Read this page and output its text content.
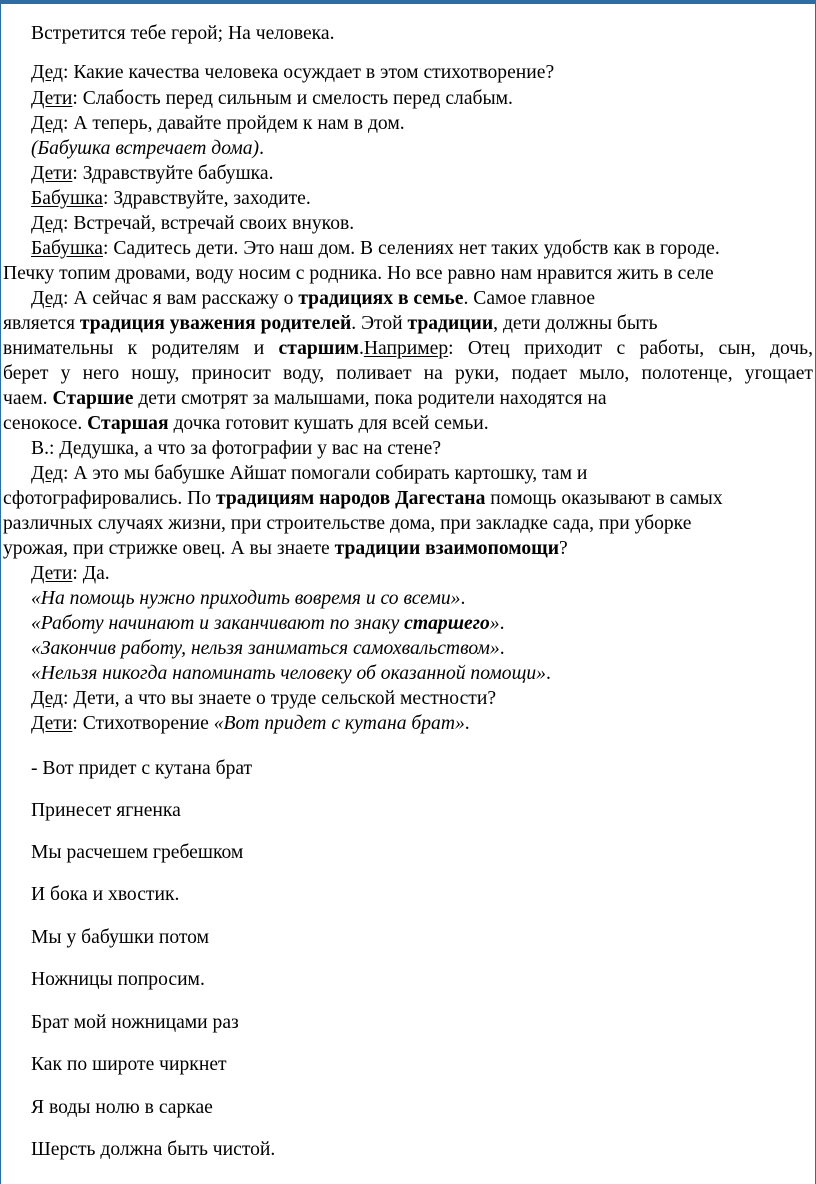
Встретится тебе герой; На человека.
Дед: Какие качества человека осуждает в этом стихотворение?
Дети: Слабость перед сильным и смелость перед слабым.
Дед: А теперь, давайте пройдем к нам в дом.
(Бабушка встречает дома).
Дети: Здравствуйте бабушка.
Бабушка: Здравствуйте, заходите.
Дед: Встречай, встречай своих внуков.
Бабушка: Садитесь дети. Это наш дом. В селениях нет таких удобств как в городе.
Печку топим дровами, воду носим с родника. Но все равно нам нравится жить в селе
Дед: А сейчас я вам расскажу о традициях в семье. Самое главное
является традиция уважения родителей. Этой традиции, дети должны быть
внимательны к родителям и старшим.Например: Отец приходит с работы, сын, дочь,
берет у него ношу, приносит воду, поливает на руки, подает мыло, полотенце, угощает
чаем. Старшие дети смотрят за малышами, пока родители находятся на
сенокосе. Старшая дочка готовит кушать для всей семьи.
В.: Дедушка, а что за фотографии у вас на стене?
Дед: А это мы бабушке Айшат помогали собирать картошку, там и
сфотографировались. По традициям народов Дагестана помощь оказывают в самых
различных случаях жизни, при строительстве дома, при закладке сада, при уборке
урожая, при стрижке овец. А вы знаете традиции взаимопомощи?
Дети: Да.
«На помощь нужно приходить вовремя и со всеми».
«Работу начинают и заканчивают по знаку старшего».
«Закончив работу, нельзя заниматься самохвальством».
«Нельзя никогда напоминать человеку об оказанной помощи».
Дед: Дети, а что вы знаете о труде сельской местности?
Дети: Стихотворение «Вот придет с кутана брат».
- Вот придет с кутана брат
Принесет ягненка
Мы расчешем гребешком
И бока и хвостик.
Мы у бабушки потом
Ножницы попросим.
Брат мой ножницами раз
Как по широте чиркнет
Я воды нолю в саркае
Шерсть должна быть чистой.
